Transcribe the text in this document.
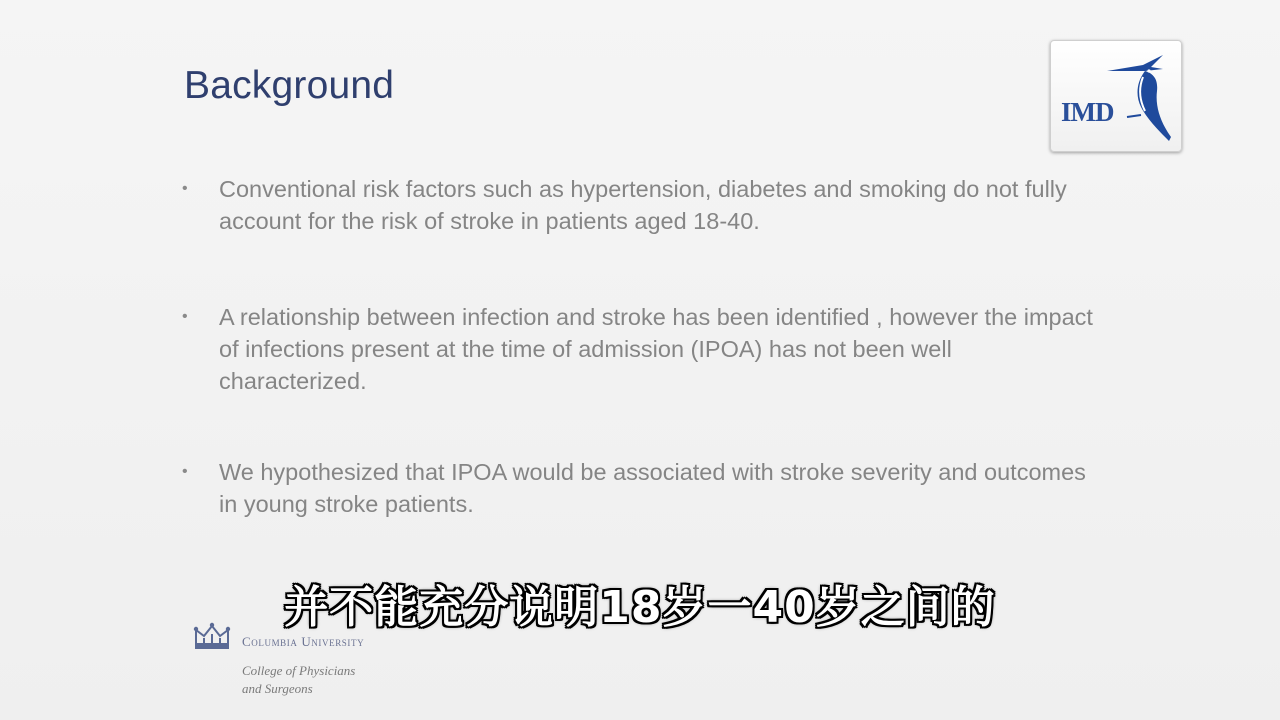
Background
IMD
• Conventional risk factors such as hypertension, diabetes and smoking do not fully account for the risk of stroke in patients aged 18-40.
• A relationship between infection and stroke has been identified , however the impact of infections present at the time of admission (IPOA) has not been well characterized.
• We hypothesized that IPOA would be associated with stroke severity and outcomes in young stroke patients.
Columbia University
College of Physicians
and Surgeons
并不能充分说明18岁一40岁之间的
